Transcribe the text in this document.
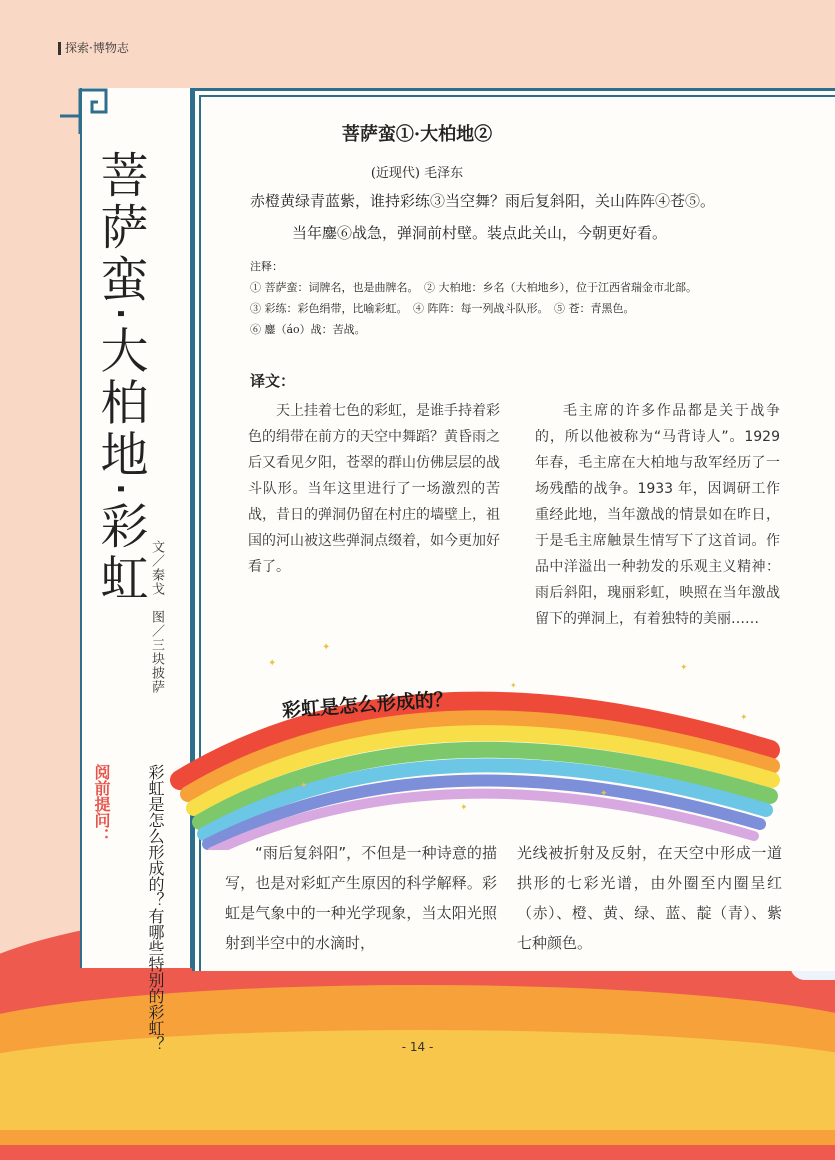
探索·博物志
菩萨蛮·大柏地·彩虹
文／秦戈　图／三块披萨
阅前提问：	彩虹是怎么形成的？有哪些特别的彩虹？
菩萨蛮①·大柏地②
(近现代) 毛泽东
赤橙黄绿青蓝紫，谁持彩练③当空舞？雨后复斜阳，关山阵阵④苍⑤。
当年鏖⑥战急，弹洞前村壁。装点此关山，今朝更好看。
注释：
① 菩萨蛮：词牌名，也是曲牌名。　② 大柏地：乡名（大柏地乡），位于江西省瑞金市北部。
③ 彩练：彩色绢带，比喻彩虹。　④ 阵阵：每一列战斗队形。　⑤ 苍：青黑色。
⑥ 鏖（áo）战：苦战。
译文：
天上挂着七色的彩虹，是谁手持着彩色的绢带在前方的天空中舞蹈？黄昏雨之后又看见夕阳，苍翠的群山仿佛层层的战斗队形。当年这里进行了一场激烈的苦战，昔日的弹洞仍留在村庄的墙壁上，祖国的河山被这些弹洞点缀着，如今更加好看了。
毛主席的许多作品都是关于战争的，所以他被称为“马背诗人”。1929 年春，毛主席在大柏地与敌军经历了一场残酷的战争。1933 年，因调研工作重经此地，当年激战的情景如在昨日，于是毛主席触景生情写下了这首词。作品中洋溢出一种勃发的乐观主义精神：雨后斜阳，瑰丽彩虹，映照在当年激战留下的弹洞上，有着独特的美丽……
✦
✦
✦
✦
✦
✦
✦
✦
彩虹是怎么形成的？
“雨后复斜阳”，不但是一种诗意的描写，也是对彩虹产生原因的科学解释。彩虹是气象中的一种光学现象，当太阳光照射到半空中的水滴时，
光线被折射及反射，在天空中形成一道拱形的七彩光谱，由外圈至内圈呈红（赤）、橙、黄、绿、蓝、靛（青）、紫七种颜色。
- 14 -
